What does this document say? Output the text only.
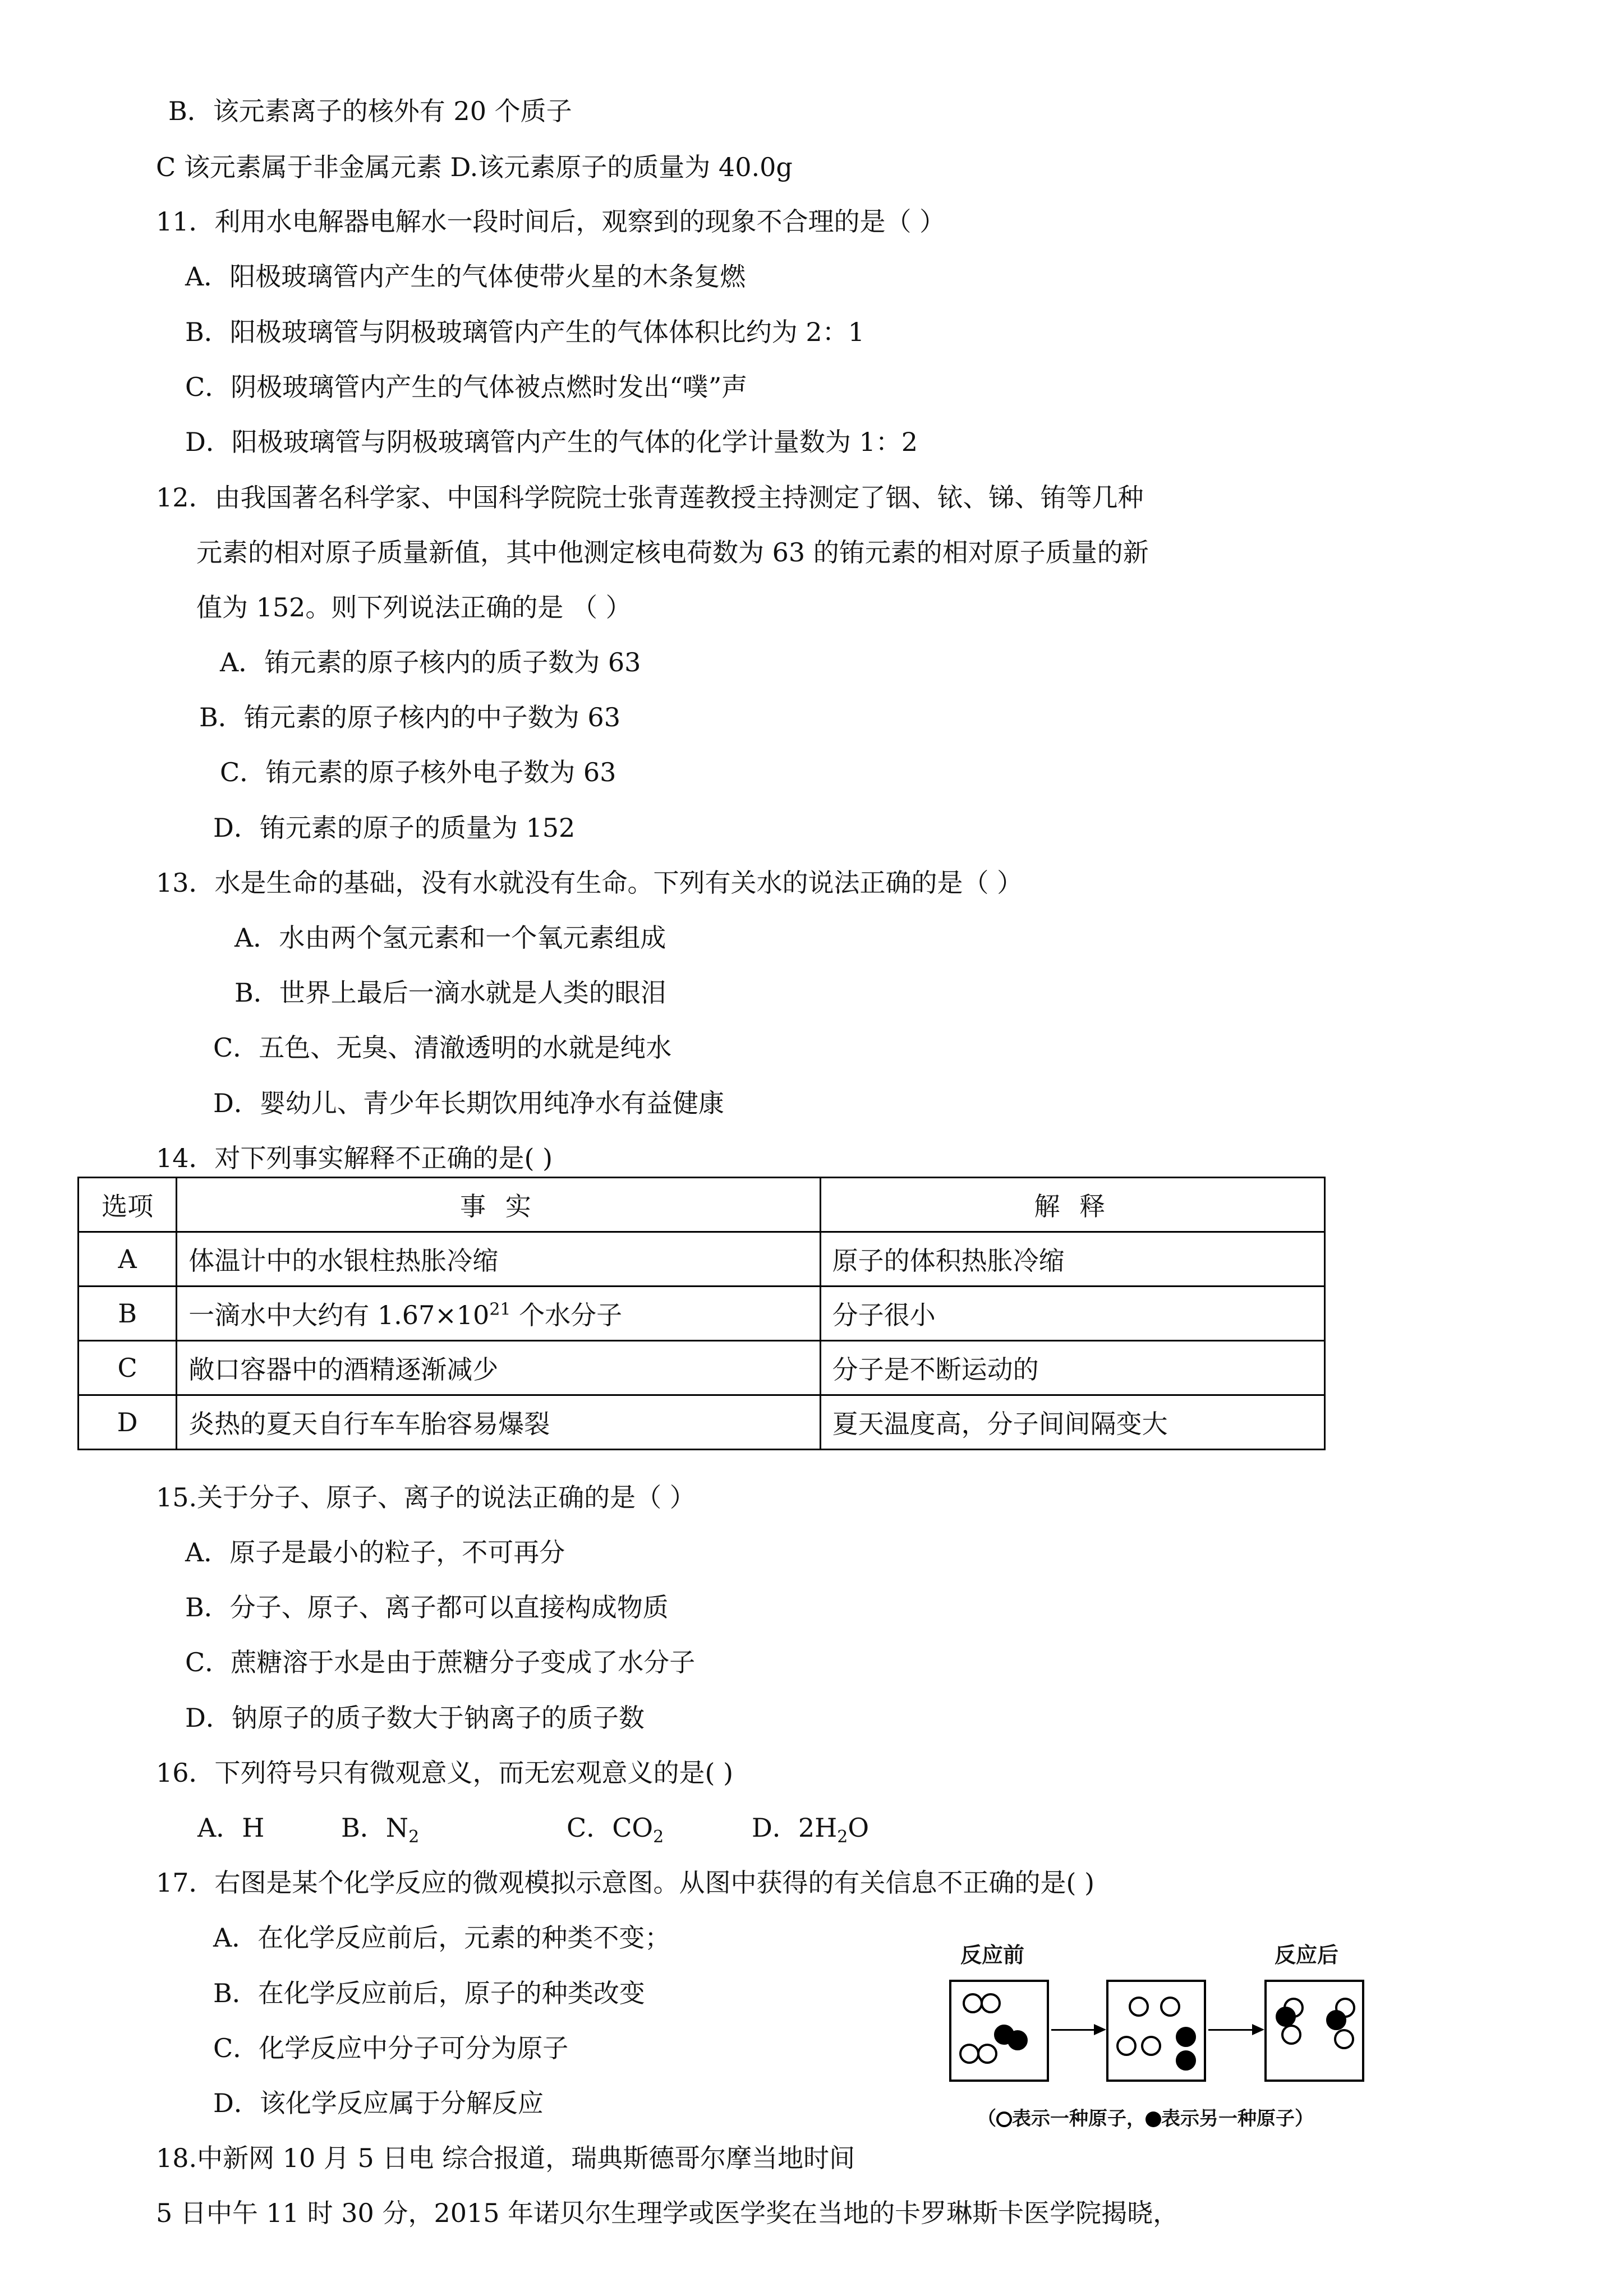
B．该元素离子的核外有 20 个质子
C 该元素属于非金属元素 D.该元素原子的质量为 40.0g
11．利用水电解器电解水一段时间后，观察到的现象不合理的是（ ）
A．阳极玻璃管内产生的气体使带火星的木条复燃
B．阳极玻璃管与阴极玻璃管内产生的气体体积比约为 2：1
C．阴极玻璃管内产生的气体被点燃时发出“噗”声
D．阳极玻璃管与阴极玻璃管内产生的气体的化学计量数为 1：2
12．由我国著名科学家、中国科学院院士张青莲教授主持测定了铟、铱、锑、铕等几种
元素的相对原子质量新值，其中他测定核电荷数为 63 的铕元素的相对原子质量的新
值为 152。则下列说法正确的是 （ ）
A．铕元素的原子核内的质子数为 63
B．铕元素的原子核内的中子数为 63
C．铕元素的原子核外电子数为 63
D．铕元素的原子的质量为 152
13．水是生命的基础，没有水就没有生命。下列有关水的说法正确的是（ ）
A．水由两个氢元素和一个氧元素组成
B．世界上最后一滴水就是人类的眼泪
C．五色、无臭、清澈透明的水就是纯水
D．婴幼儿、青少年长期饮用纯净水有益健康
14．对下列事实解释不正确的是( )
选项	事 实	解 释
A	体温计中的水银柱热胀冷缩	原子的体积热胀冷缩
B	一滴水中大约有 $1.67\times 10^{21}$ 个水分子	分子很小
C	敞口容器中的酒精逐渐减少	分子是不断运动的
D	炎热的夏天自行车车胎容易爆裂	夏天温度高，分子间间隔变大
15.关于分子、原子、离子的说法正确的是（ ）
A．原子是最小的粒子，不可再分
B．分子、原子、离子都可以直接构成物质
C．蔗糖溶于水是由于蔗糖分子变成了水分子
D．钠原子的质子数大于钠离子的质子数
16．下列符号只有微观意义，而无宏观意义的是( )
A．H	B．$N_2$	C．$CO_2$	D．$2H_2O$
17．右图是某个化学反应的微观模拟示意图。从图中获得的有关信息不正确的是( )
A．在化学反应前后，元素的种类不变；
B．在化学反应前后，原子的种类改变
C．化学反应中分子可分为原子
D．该化学反应属于分解反应
反应前	反应后
（ 表示一种原子， 表示另一种原子）
18.中新网 10 月 5 日电 综合报道，瑞典斯德哥尔摩当地时间
5 日中午 11 时 30 分，2015 年诺贝尔生理学或医学奖在当地的卡罗琳斯卡医学院揭晓，
